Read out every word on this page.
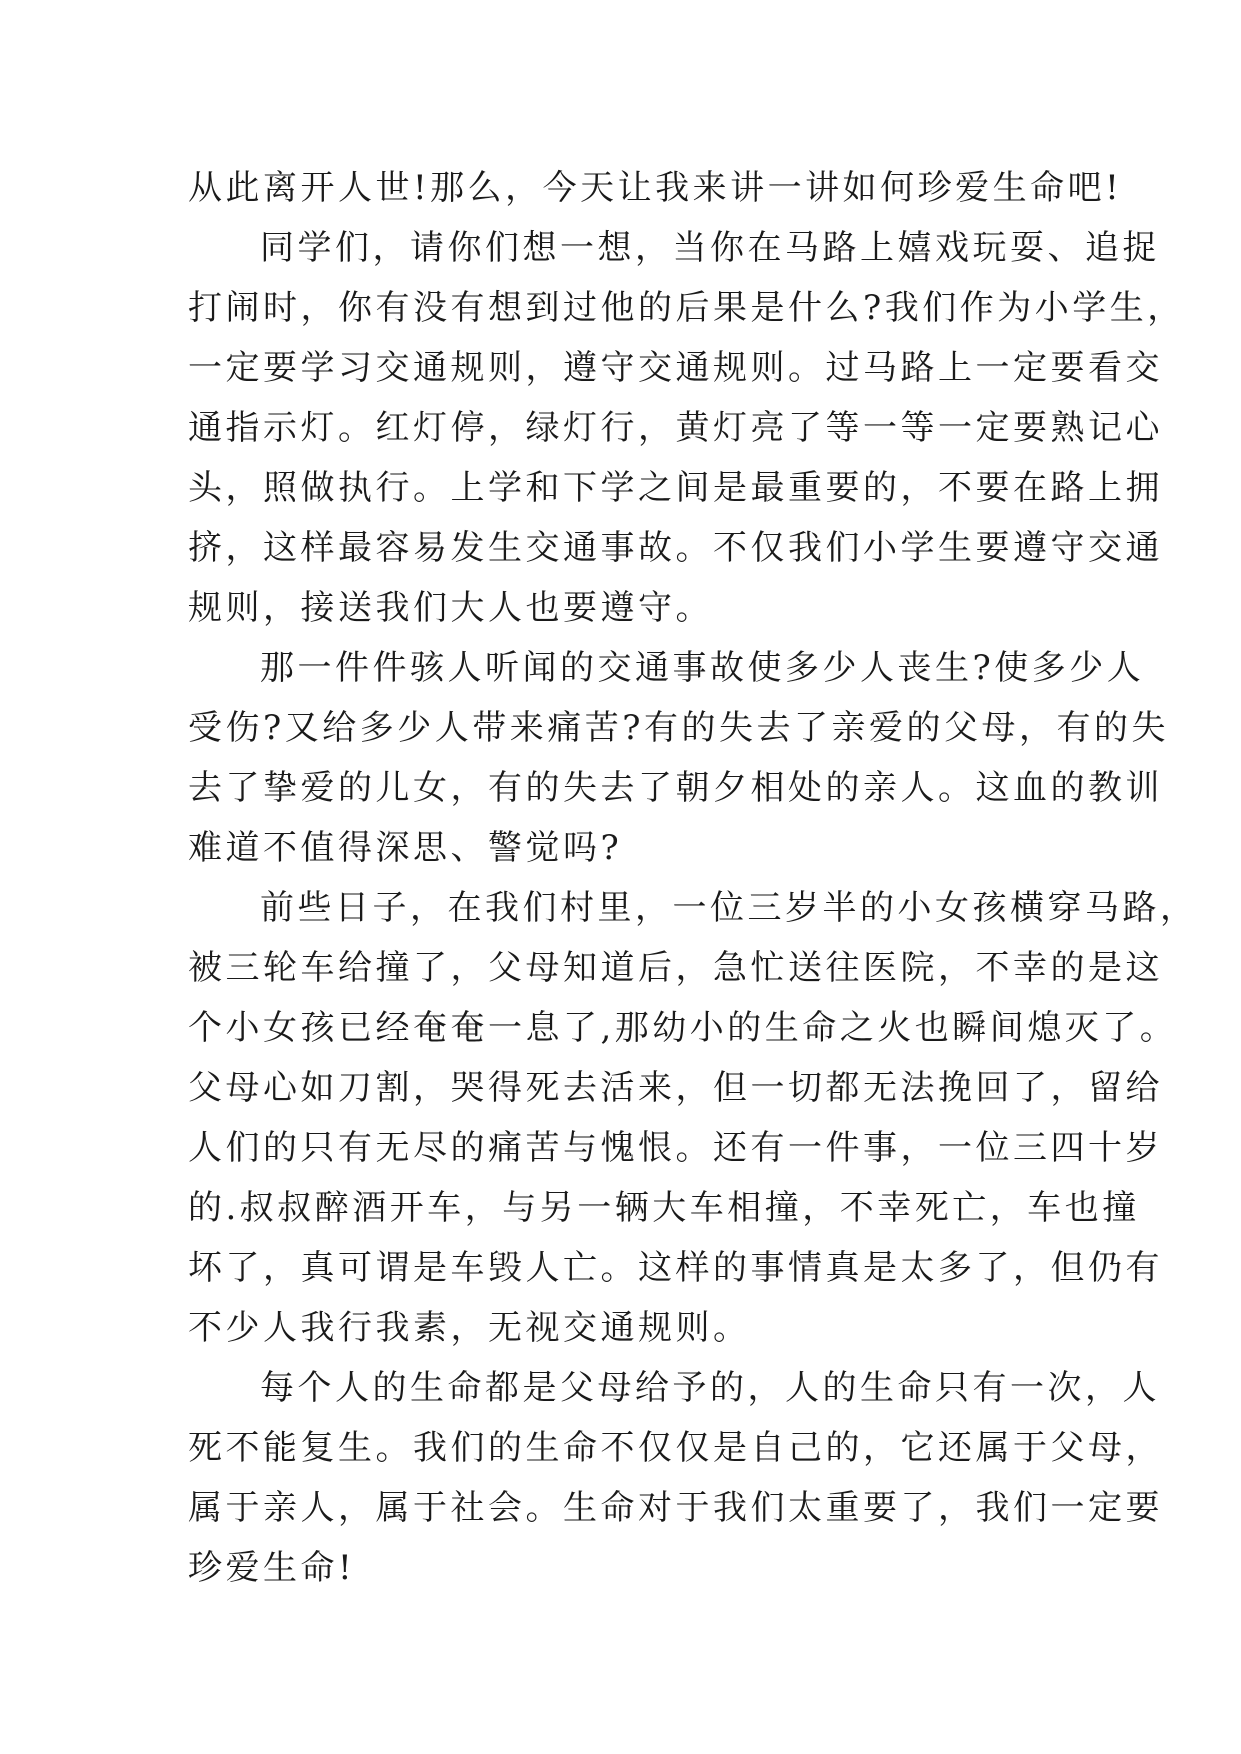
从此离开人世!那么，今天让我来讲一讲如何珍爱生命吧!
同学们，请你们想一想，当你在马路上嬉戏玩耍、追捉
打闹时，你有没有想到过他的后果是什么?我们作为小学生，
一定要学习交通规则，遵守交通规则。过马路上一定要看交
通指示灯。红灯停，绿灯行，黄灯亮了等一等一定要熟记心
头，照做执行。上学和下学之间是最重要的，不要在路上拥
挤，这样最容易发生交通事故。不仅我们小学生要遵守交通
规则，接送我们大人也要遵守。
那一件件骇人听闻的交通事故使多少人丧生?使多少人
受伤?又给多少人带来痛苦?有的失去了亲爱的父母，有的失
去了挚爱的儿女，有的失去了朝夕相处的亲人。这血的教训
难道不值得深思、警觉吗?
前些日子，在我们村里，一位三岁半的小女孩横穿马路，
被三轮车给撞了，父母知道后，急忙送往医院，不幸的是这
个小女孩已经奄奄一息了,那幼小的生命之火也瞬间熄灭了。
父母心如刀割，哭得死去活来，但一切都无法挽回了，留给
人们的只有无尽的痛苦与愧恨。还有一件事，一位三四十岁
的.叔叔醉酒开车，与另一辆大车相撞，不幸死亡，车也撞
坏了，真可谓是车毁人亡。这样的事情真是太多了，但仍有
不少人我行我素，无视交通规则。
每个人的生命都是父母给予的，人的生命只有一次，人
死不能复生。我们的生命不仅仅是自己的，它还属于父母，
属于亲人，属于社会。生命对于我们太重要了，我们一定要
珍爱生命!
